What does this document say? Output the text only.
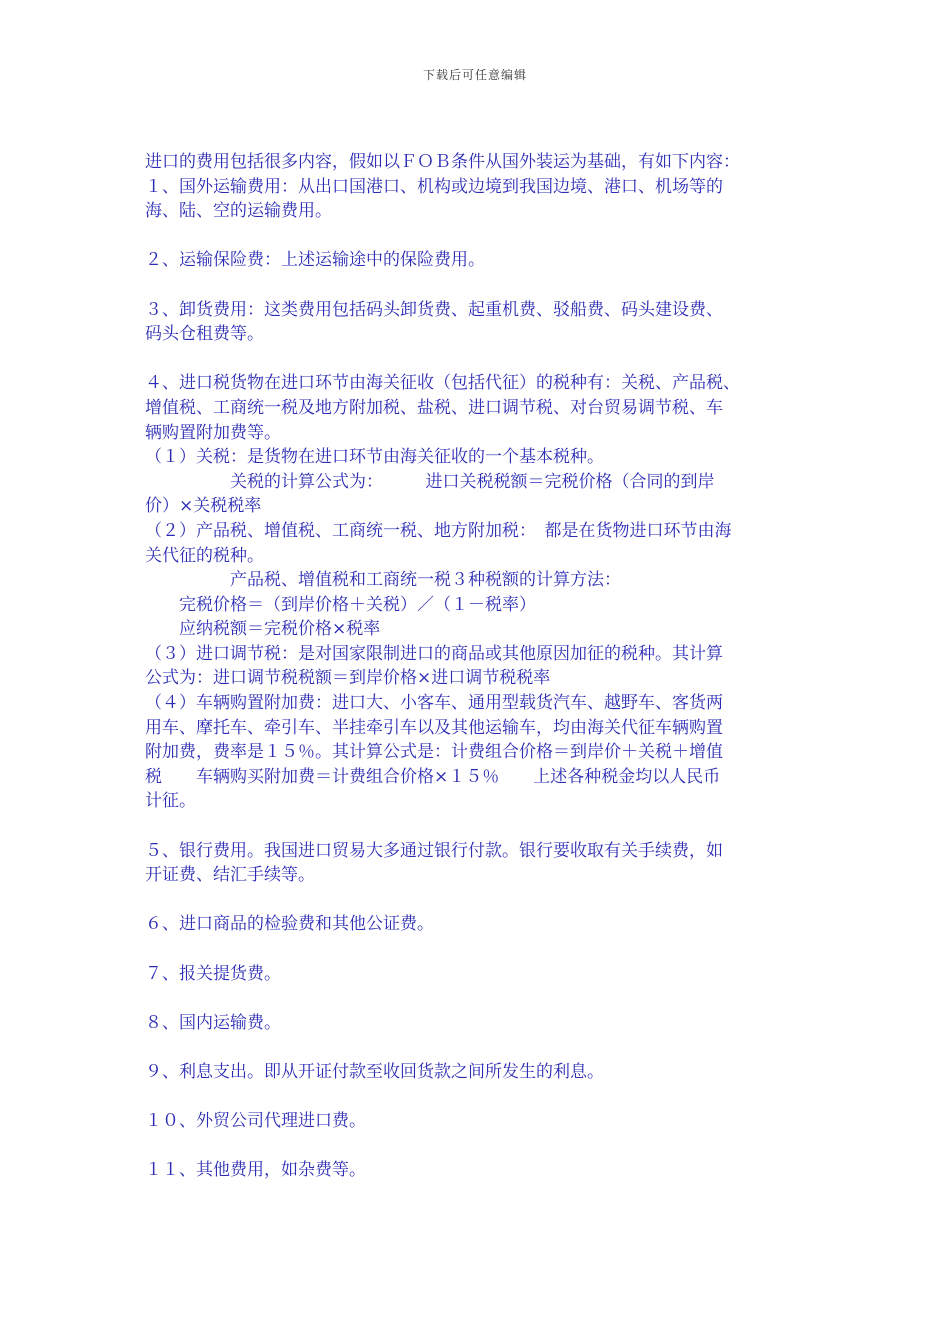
下载后可任意编辑
进口的费用包括很多内容，假如以ＦＯＢ条件从国外装运为基础，有如下内容：
１、国外运输费用：从出口国港口、机构或边境到我国边境、港口、机场等的
海、陆、空的运输费用。
２、运输保险费：上述运输途中的保险费用。
３、卸货费用：这类费用包括码头卸货费、起重机费、驳船费、码头建设费、
码头仓租费等。
４、进口税货物在进口环节由海关征收（包括代征）的税种有：关税、产品税、
增值税、工商统一税及地方附加税、盐税、进口调节税、对台贸易调节税、车
辆购置附加费等。
（１）关税：是货物在进口环节由海关征收的一个基本税种。
　　　　　关税的计算公式为：　　　进口关税税额＝完税价格（合同的到岸
价）×关税税率
（２）产品税、增值税、工商统一税、地方附加税：　都是在货物进口环节由海
关代征的税种。
　　　　　产品税、增值税和工商统一税３种税额的计算方法：
　　完税价格＝（到岸价格＋关税）／（１－税率）
　　应纳税额＝完税价格×税率
（３）进口调节税：是对国家限制进口的商品或其他原因加征的税种。其计算
公式为：进口调节税税额＝到岸价格×进口调节税税率
（４）车辆购置附加费：进口大、小客车、通用型载货汽车、越野车、客货两
用车、摩托车、牵引车、半挂牵引车以及其他运输车，均由海关代征车辆购置
附加费，费率是１５％。其计算公式是：计费组合价格＝到岸价＋关税＋增值
税　　车辆购买附加费＝计费组合价格×１５％　　上述各种税金均以人民币
计征。
５、银行费用。我国进口贸易大多通过银行付款。银行要收取有关手续费，如
开证费、结汇手续等。
６、进口商品的检验费和其他公证费。
７、报关提货费。
８、国内运输费。
９、利息支出。即从开证付款至收回货款之间所发生的利息。
１０、外贸公司代理进口费。
１１、其他费用，如杂费等。
